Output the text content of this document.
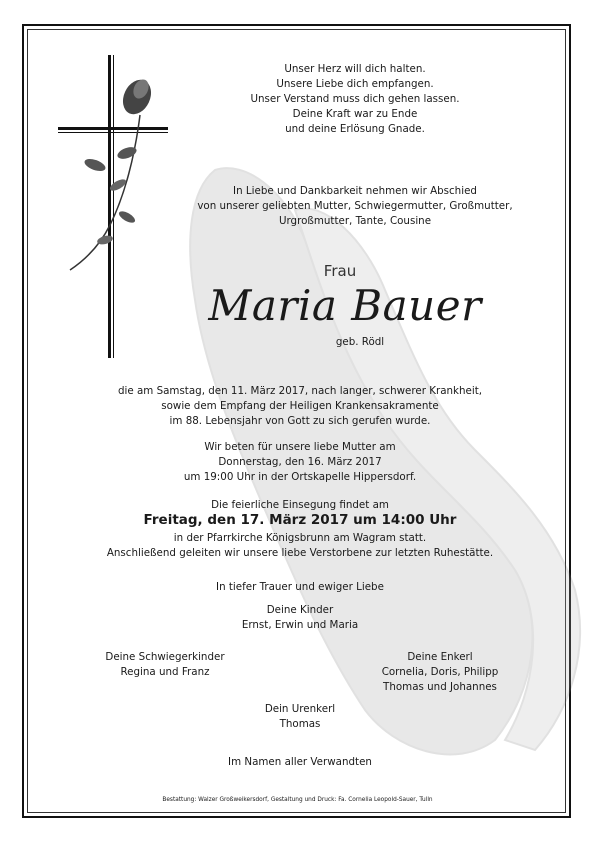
Unser Herz will dich halten.
Unsere Liebe dich empfangen.
Unser Verstand muss dich gehen lassen.
Deine Kraft war zu Ende
und deine Erlösung Gnade.
In Liebe und Dankbarkeit nehmen wir Abschied
von unserer geliebten Mutter, Schwiegermutter, Großmutter,
Urgroßmutter, Tante, Cousine
Frau
Maria Bauer
geb. Rödl
die am Samstag, den 11. März 2017, nach langer, schwerer Krankheit,
sowie dem Empfang der Heiligen Krankensakramente
im 88. Lebensjahr von Gott zu sich gerufen wurde.
Wir beten für unsere liebe Mutter am
Donnerstag, den 16. März 2017
um 19:00 Uhr in der Ortskapelle Hippersdorf.
Die feierliche Einsegung findet am
Freitag, den 17. März 2017 um 14:00 Uhr
in der Pfarrkirche Königsbrunn am Wagram statt.
Anschließend geleiten wir unsere liebe Verstorbene zur letzten Ruhestätte.
In tiefer Trauer und ewiger Liebe
Deine Kinder
Ernst, Erwin und Maria
Deine Schwiegerkinder
Regina und Franz
Deine Enkerl
Cornelia, Doris, Philipp
Thomas und Johannes
Dein Urenkerl
Thomas
Im Namen aller Verwandten
Bestattung: Walzer Großweikersdorf, Gestaltung und Druck: Fa. Cornelia Leopold-Sauer, Tulln
